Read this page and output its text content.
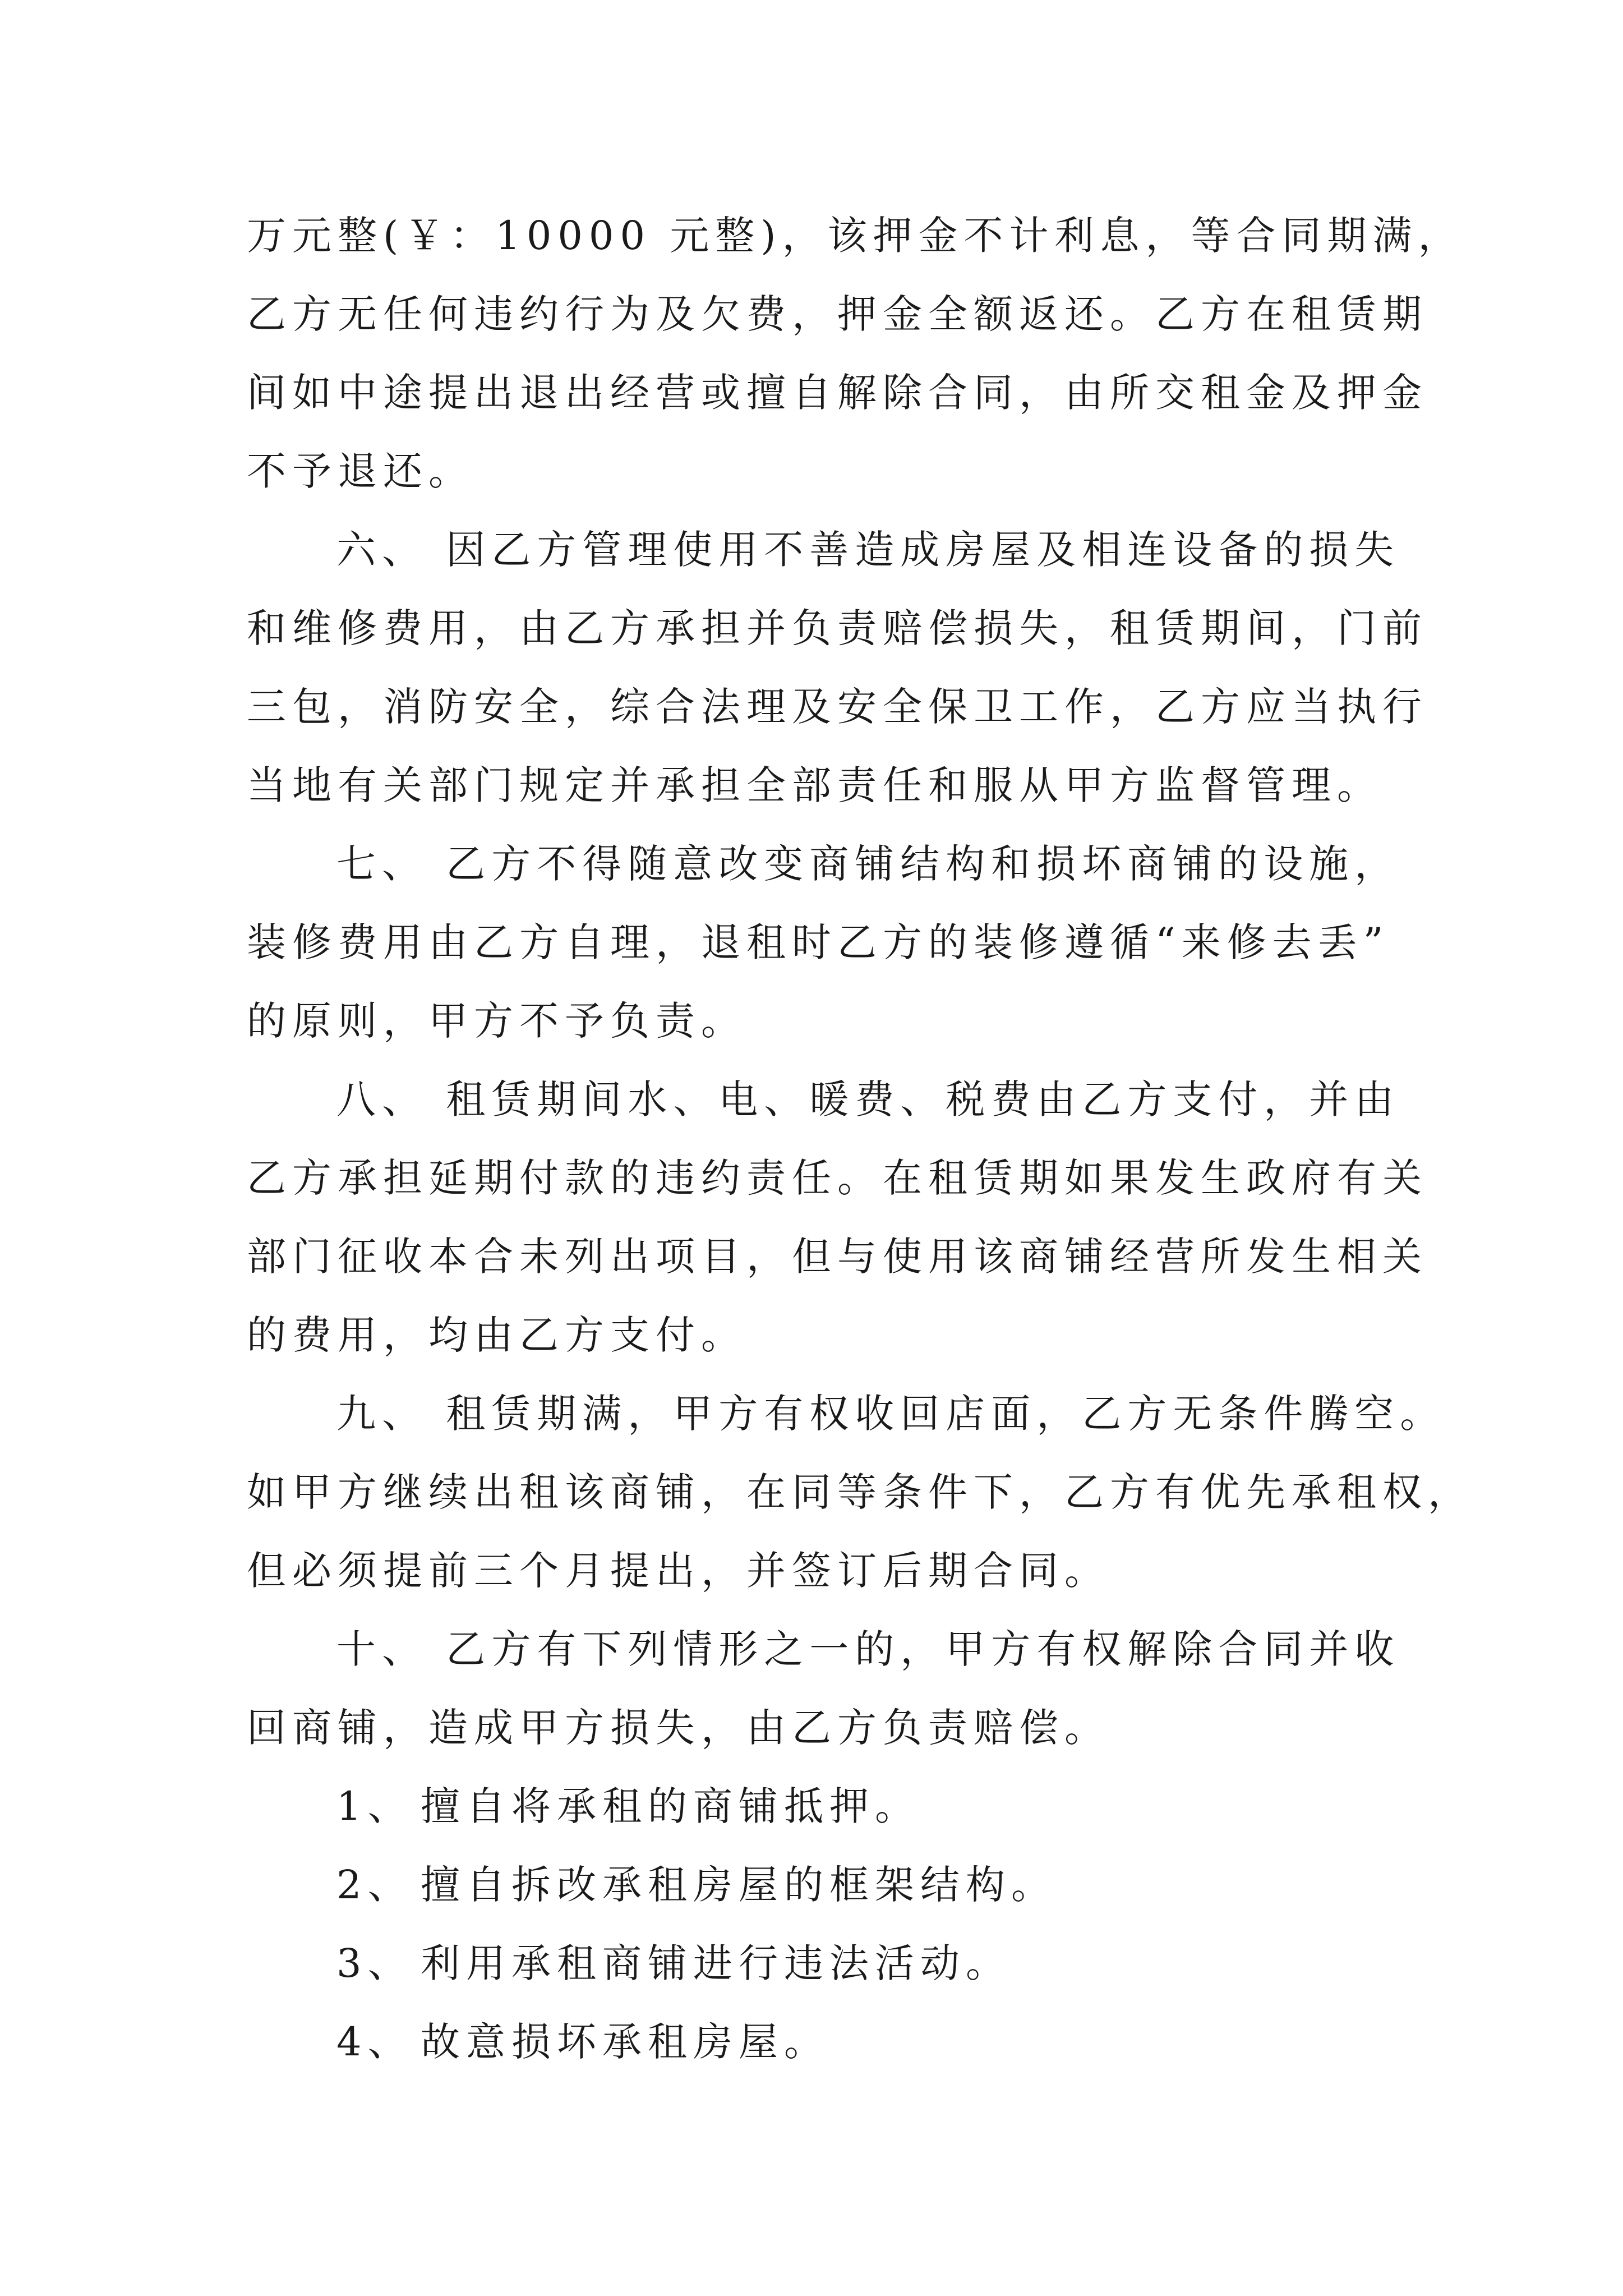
万元整(￥：10000 元整)，该押金不计利息，等合同期满，

乙方无任何违约行为及欠费，押金全额返还。乙方在租赁期

间如中途提出退出经营或擅自解除合同，由所交租金及押金

不予退还。

六、 因乙方管理使用不善造成房屋及相连设备的损失

和维修费用，由乙方承担并负责赔偿损失，租赁期间，门前

三包，消防安全，综合法理及安全保卫工作，乙方应当执行

当地有关部门规定并承担全部责任和服从甲方监督管理。

七、 乙方不得随意改变商铺结构和损坏商铺的设施，

装修费用由乙方自理，退租时乙方的装修遵循“来修去丢”

的原则，甲方不予负责。

八、 租赁期间水、电、暖费、税费由乙方支付，并由

乙方承担延期付款的违约责任。在租赁期如果发生政府有关

部门征收本合未列出项目，但与使用该商铺经营所发生相关

的费用，均由乙方支付。

九、 租赁期满，甲方有权收回店面，乙方无条件腾空。

如甲方继续出租该商铺，在同等条件下，乙方有优先承租权，

但必须提前三个月提出，并签订后期合同。

十、 乙方有下列情形之一的，甲方有权解除合同并收

回商铺，造成甲方损失，由乙方负责赔偿。

1、 擅自将承租的商铺抵押。

2、 擅自拆改承租房屋的框架结构。

3、 利用承租商铺进行违法活动。

4、 故意损坏承租房屋。
